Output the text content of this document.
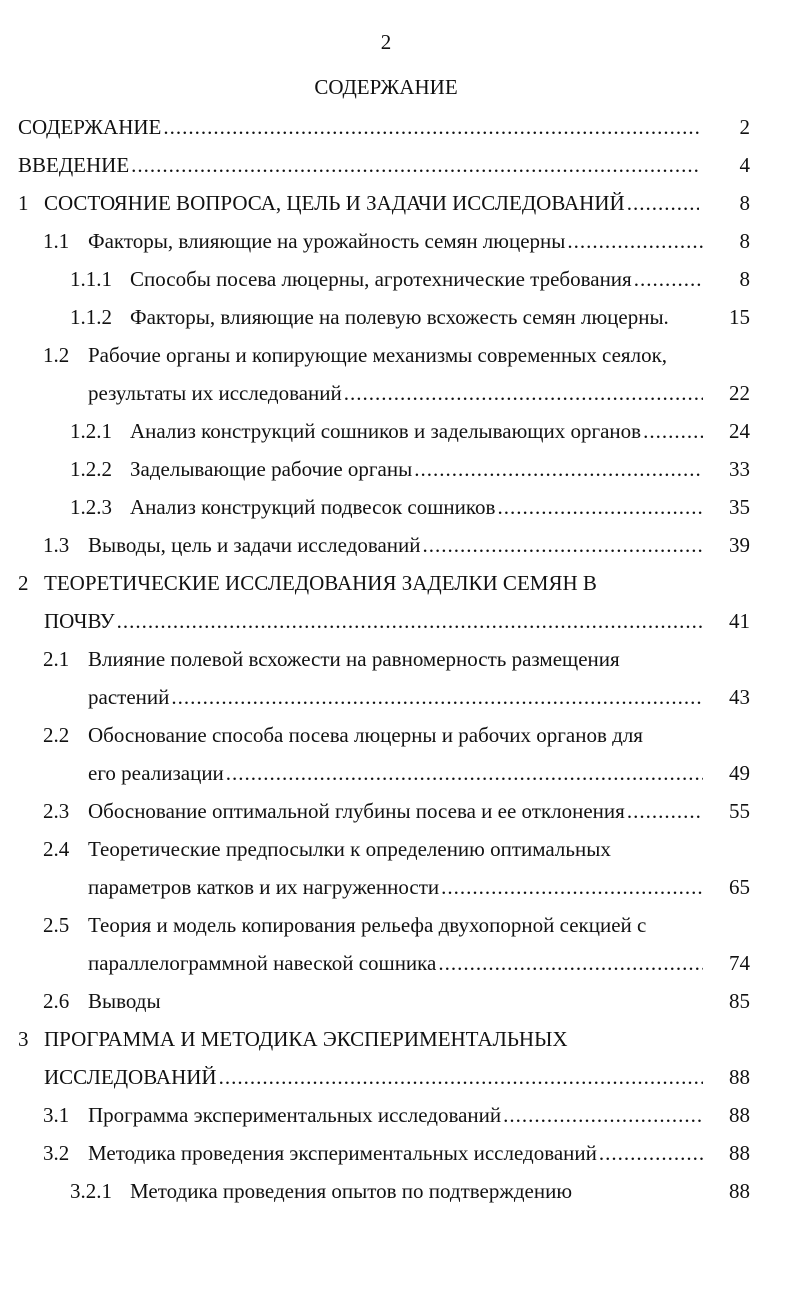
2
СОДЕРЖАНИЕ
СОДЕРЖАНИЕ .....	2
ВВЕДЕНИЕ .....	4
1 СОСТОЯНИЕ ВОПРОСА, ЦЕЛЬ И ЗАДАЧИ ИССЛЕДОВАНИЙ .....	8
1.1 Факторы, влияющие на урожайность семян люцерны .....	8
1.1.1 Способы посева люцерны, агротехнические требования .....	8
1.1.2 Факторы, влияющие на полевую всхожесть семян люцерны.	15
1.2 Рабочие органы и копирующие механизмы современных сеялок,
результаты их исследований .....	22
1.2.1 Анализ конструкций сошников и заделывающих органов .....	24
1.2.2 Заделывающие рабочие органы .....	33
1.2.3 Анализ конструкций подвесок сошников .....	35
1.3 Выводы, цель и задачи исследований .....	39
2 ТЕОРЕТИЧЕСКИЕ ИССЛЕДОВАНИЯ ЗАДЕЛКИ СЕМЯН В
ПОЧВУ .....	41
2.1 Влияние полевой всхожести на равномерность размещения
растений .....	43
2.2 Обоснование способа посева люцерны и рабочих органов для
его реализации .....	49
2.3 Обоснование оптимальной глубины посева и ее отклонения .....	55
2.4 Теоретические предпосылки к определению оптимальных
параметров катков и их нагруженности .....	65
2.5 Теория и модель копирования рельефа двухопорной секцией с
параллелограммной навеской сошника .....	74
2.6 Выводы	85
3 ПРОГРАММА И МЕТОДИКА ЭКСПЕРИМЕНТАЛЬНЫХ
ИССЛЕДОВАНИЙ .....	88
3.1 Программа экспериментальных исследований .....	88
3.2 Методика проведения экспериментальных исследований .....	88
3.2.1 Методика проведения опытов по подтверждению	88
